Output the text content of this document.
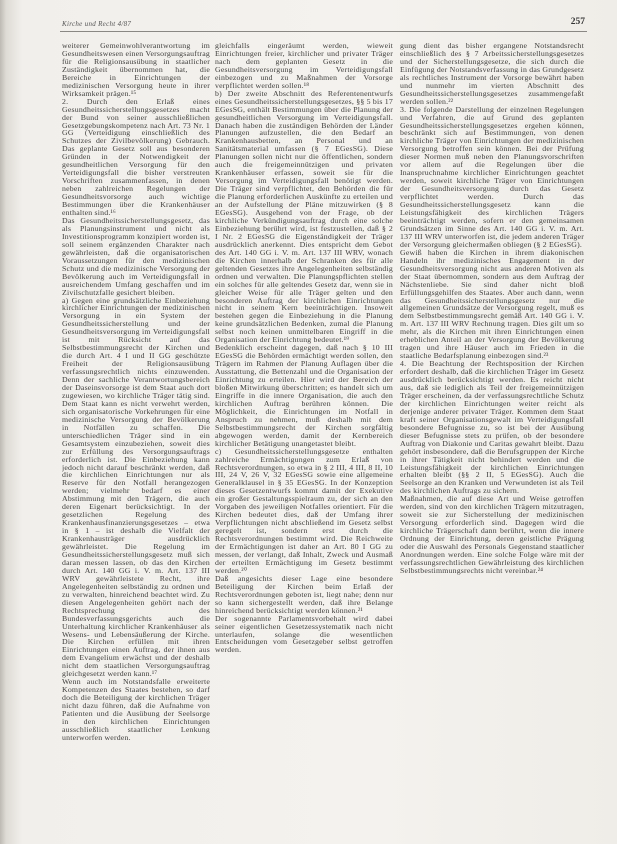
Kirche und Recht 4/87	257

weiterer Gemeinwohlverantwortung im Gesundheitswesen einen Versorgungsauftrag für die Religionsausübung in staatlicher Zuständigkeit übernommen hat, die Bereiche in Einrichtungen der medizinischen Versorgung heute in ihrer Wirksamkeit prägen.¹⁵

2. Durch den Erlaß eines Gesundheitssicherstellungsgesetzes macht der Bund von seiner ausschließlichen Gesetzgebungskompetenz nach Art. 73 Nr. 1 GG (Verteidigung einschließlich des Schutzes der Zivilbevölkerung) Gebrauch. Das geplante Gesetz soll aus besonderen Gründen in der Notwendigkeit der gesundheitlichen Versorgung für den Verteidigungsfall die bisher verstreuten Vorschriften zusammenfassen, in denen neben zahlreichen Regelungen der Gesundheitsvorsorge auch wichtige Bestimmungen über die Krankenhäuser enthalten sind.¹⁶

Das Gesundheitssicherstellungsgesetz, das als Planungsinstrument und nicht als Investitionsprogramm konzipiert worden ist, soll seinem ergänzenden Charakter nach gewährleisten, daß die organisatorischen Voraussetzungen für den medizinischen Schutz und die medizinische Versorgung der Bevölkerung auch im Verteidigungsfall in ausreichendem Umfang geschaffen und im Zivilschutzfalle gesichert bleiben.

a) Gegen eine grundsätzliche Einbeziehung kirchlicher Einrichtungen der medizinischen Versorgung in ein System der Gesundheitssicherstellung und der Gesundheitsversorgung im Verteidigungsfall ist mit Rücksicht auf das Selbstbestimmungsrecht der Kirchen und die durch Art. 4 I und II GG geschützte Freiheit der Religionsausübung verfassungsrechtlich nichts einzuwenden. Denn der sachliche Verantwortungsbereich der Daseinsvorsorge ist dem Staat auch dort zugewiesen, wo kirchliche Träger tätig sind. Dem Staat kann es nicht verwehrt werden, sich organisatorische Vorkehrungen für eine medizinische Versorgung der Bevölkerung in Notfällen zu schaffen. Die unterschiedlichen Träger sind in ein Gesamtsystem einzubeziehen, soweit dies zur Erfüllung des Versorgungsauftrags erforderlich ist. Die Einbeziehung kann jedoch nicht darauf beschränkt werden, daß die kirchlichen Einrichtungen nur als Reserve für den Notfall herangezogen werden; vielmehr bedarf es einer Abstimmung mit den Trägern, die auch deren Eigenart berücksichtigt. In der gesetzlichen Regelung des Krankenhausfinanzierungsgesetzes – etwa in § 1 – ist deshalb die Vielfalt der Krankenhausträger ausdrücklich gewährleistet. Die Regelung im Gesundheitssicherstellungsgesetz muß sich daran messen lassen, ob das den Kirchen durch Art. 140 GG i. V. m. Art. 137 III WRV gewährleistete Recht, ihre Angelegenheiten selbständig zu ordnen und zu verwalten, hinreichend beachtet wird. Zu diesen Angelegenheiten gehört nach der Rechtsprechung des Bundesverfassungsgerichts auch die Unterhaltung kirchlicher Krankenhäuser als Wesens- und Lebensäußerung der Kirche. Die Kirchen erfüllen mit ihren Einrichtungen einen Auftrag, der ihnen aus dem Evangelium erwächst und der deshalb nicht dem staatlichen Versorgungsauftrag gleichgesetzt werden kann.¹⁷

Wenn auch im Notstandsfalle erweiterte Kompetenzen des Staates bestehen, so darf doch die Beteiligung der kirchlichen Träger nicht dazu führen, daß die Aufnahme von Patienten und die Ausübung der Seelsorge in den kirchlichen Einrichtungen ausschließlich staatlicher Lenkung unterworfen werden.

gleichfalls eingeräumt werden, wieweit Einrichtungen freier, kirchlicher und privater Träger nach dem geplanten Gesetz in die Gesundheitsversorgung im Verteidigungsfall einbezogen und zu Maßnahmen der Vorsorge verpflichtet werden sollen.¹⁸

b) Der zweite Abschnitt des Referentenentwurfs eines Gesundheitssicherstellungsgesetzes, §§ 5 bis 17 EGesSG, enthält Bestimmungen über die Planung der gesundheitlichen Versorgung im Verteidigungsfall. Danach haben die zuständigen Behörden der Länder Planungen aufzustellen, die den Bedarf an Krankenhausbetten, an Personal und an Sanitätsmaterial umfassen (§ 7 EGesSG). Diese Planungen sollen nicht nur die öffentlichen, sondern auch die freigemeinnützigen und privaten Krankenhäuser erfassen, soweit sie für die Versorgung im Verteidigungsfall benötigt werden. Die Träger sind verpflichtet, den Behörden die für die Planung erforderlichen Auskünfte zu erteilen und an der Aufstellung der Pläne mitzuwirken (§ 8 EGesSG). Ausgehend von der Frage, ob der kirchliche Verkündigungsauftrag durch eine solche Einbeziehung berührt wird, ist festzustellen, daß § 2 I Nr. 2 EGesSG die Eigenständigkeit der Träger ausdrücklich anerkennt. Dies entspricht dem Gebot des Art. 140 GG i. V. m. Art. 137 III WRV, wonach die Kirchen innerhalb der Schranken des für alle geltenden Gesetzes ihre Angelegenheiten selbständig ordnen und verwalten. Die Planungspflichten stellen ein solches für alle geltendes Gesetz dar, wenn sie in gleicher Weise für alle Träger gelten und den besonderen Auftrag der kirchlichen Einrichtungen nicht in seinem Kern beeinträchtigen. Insoweit bestehen gegen die Einbeziehung in die Planung keine grundsätzlichen Bedenken, zumal die Planung selbst noch keinen unmittelbaren Eingriff in die Organisation der Einrichtung bedeutet.¹⁹

Bedenklich erscheint dagegen, daß nach § 10 III EGesSG die Behörden ermächtigt werden sollen, den Trägern im Rahmen der Planung Auflagen über die Ausstattung, die Bettenzahl und die Organisation der Einrichtung zu erteilen. Hier wird der Bereich der bloßen Mitwirkung überschritten; es handelt sich um Eingriffe in die innere Organisation, die auch den kirchlichen Auftrag berühren können. Die Möglichkeit, die Einrichtungen im Notfall in Anspruch zu nehmen, muß deshalb mit dem Selbstbestimmungsrecht der Kirchen sorgfältig abgewogen werden, damit der Kernbereich kirchlicher Betätigung unangetastet bleibt.

c) Gesundheitssicherstellungsgesetze enthalten zahlreiche Ermächtigungen zum Erlaß von Rechtsverordnungen, so etwa in § 2 III, 4 III, 8 II, 10 III, 24 V, 26 V, 32 EGesSG sowie eine allgemeine Generalklausel in § 35 EGesSG. In der Konzeption dieses Gesetzentwurfs kommt damit der Exekutive ein großer Gestaltungsspielraum zu, der sich an den Vorgaben des jeweiligen Notfalles orientiert. Für die Kirchen bedeutet dies, daß der Umfang ihrer Verpflichtungen nicht abschließend im Gesetz selbst geregelt ist, sondern erst durch die Rechtsverordnungen bestimmt wird. Die Reichweite der Ermächtigungen ist daher an Art. 80 I GG zu messen, der verlangt, daß Inhalt, Zweck und Ausmaß der erteilten Ermächtigung im Gesetz bestimmt werden.²⁰

Daß angesichts dieser Lage eine besondere Beteiligung der Kirchen beim Erlaß der Rechtsverordnungen geboten ist, liegt nahe; denn nur so kann sichergestellt werden, daß ihre Belange hinreichend berücksichtigt werden können.²¹

Der sogenannte Parlamentsvorbehalt wird dabei seiner eigentlichen Gesetzessystematik nach nicht unterlaufen, solange die wesentlichen Entscheidungen vom Gesetzgeber selbst getroffen werden.

gung dient das bisher ergangene Notstandsrecht einschließlich des § 7 Arbeitssicherstellungsgesetzes und der Sicherstellungsgesetze, die sich durch die Einfügung der Notstandsverfassung in das Grundgesetz als rechtliches Instrument der Vorsorge bewährt haben und nunmehr im vierten Abschnitt des Gesundheitssicherstellungsgesetzes zusammengefaßt werden sollen.²²

3. Die folgende Darstellung der einzelnen Regelungen und Verfahren, die auf Grund des geplanten Gesundheitssicherstellungsgesetzes ergehen können, beschränkt sich auf Bestimmungen, von denen kirchliche Träger von Einrichtungen der medizinischen Versorgung betroffen sein können. Bei der Prüfung dieser Normen muß neben den Planungsvorschriften vor allem auf die Regelungen über die Inanspruchnahme kirchlicher Einrichtungen geachtet werden, soweit kirchliche Träger von Einrichtungen der Gesundheitsversorgung durch das Gesetz verpflichtet werden. Durch das Gesundheitssicherstellungsgesetz kann die Leistungsfähigkeit des kirchlichen Trägers beeinträchtigt werden, sofern er den gemeinsamen Grundsätzen im Sinne des Art. 140 GG i. V. m. Art. 137 III WRV unterworfen ist, die jedem anderen Träger der Versorgung gleichermaßen obliegen (§ 2 EGesSG).

Gewiß haben die Kirchen in ihrem diakonischen Handeln ihr medizinisches Engagement in der Gesundheitsversorgung nicht aus anderen Motiven als der Staat übernommen, sondern aus dem Auftrag der Nächstenliebe. Sie sind daher nicht bloß Erfüllungsgehilfen des Staates. Aber auch dann, wenn das Gesundheitssicherstellungsgesetz nur die allgemeinen Grundsätze der Versorgung regelt, muß es dem Selbstbestimmungsrecht gemäß Art. 140 GG i. V. m. Art. 137 III WRV Rechnung tragen. Dies gilt um so mehr, als die Kirchen mit ihren Einrichtungen einen erheblichen Anteil an der Versorgung der Bevölkerung tragen und ihre Häuser auch im Frieden in die staatliche Bedarfsplanung einbezogen sind.²³

4. Die Beachtung der Rechtsposition der Kirchen erfordert deshalb, daß die kirchlichen Träger im Gesetz ausdrücklich berücksichtigt werden. Es reicht nicht aus, daß sie lediglich als Teil der freigemeinnützigen Träger erscheinen, da der verfassungsrechtliche Schutz der kirchlichen Einrichtungen weiter reicht als derjenige anderer privater Träger. Kommen dem Staat kraft seiner Organisationsgewalt im Verteidigungsfall besondere Befugnisse zu, so ist bei der Ausübung dieser Befugnisse stets zu prüfen, ob der besondere Auftrag von Diakonie und Caritas gewahrt bleibt. Dazu gehört insbesondere, daß die Berufsgruppen der Kirche in ihrer Tätigkeit nicht behindert werden und die Leistungsfähigkeit der kirchlichen Einrichtungen erhalten bleibt (§§ 2 II, 5 EGesSG). Auch die Seelsorge an den Kranken und Verwundeten ist als Teil des kirchlichen Auftrags zu sichern.

Maßnahmen, die auf diese Art und Weise getroffen werden, sind von den kirchlichen Trägern mitzutragen, soweit sie zur Sicherstellung der medizinischen Versorgung erforderlich sind. Dagegen wird die kirchliche Trägerschaft dann berührt, wenn die innere Ordnung der Einrichtung, deren geistliche Prägung oder die Auswahl des Personals Gegenstand staatlicher Anordnungen werden. Eine solche Folge wäre mit der verfassungsrechtlichen Gewährleistung des kirchlichen Selbstbestimmungsrechts nicht vereinbar.²⁴
